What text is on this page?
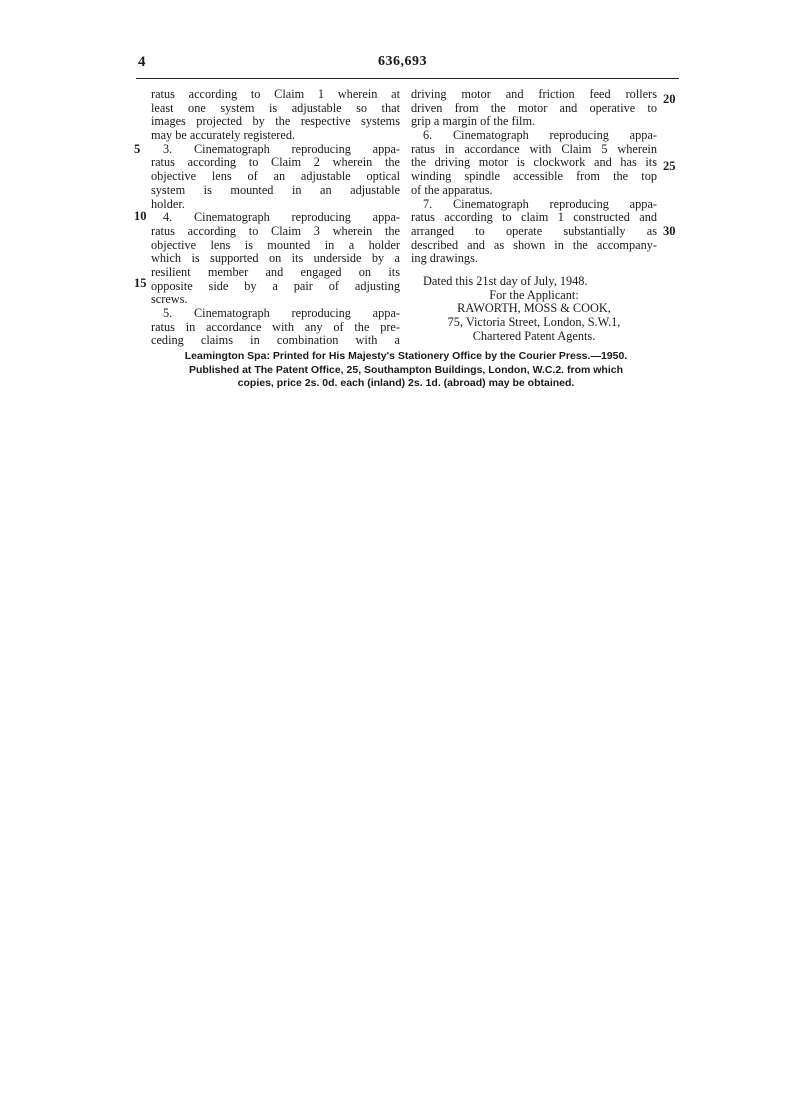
4	636,693
ratus according to Claim 1 wherein at
least one system is adjustable so that
images projected by the respective systems
may be accurately registered.
3. Cinematograph reproducing appa-
ratus according to Claim 2 wherein the
objective lens of an adjustable optical
system is mounted in an adjustable
holder.
4. Cinematograph reproducing appa-
ratus according to Claim 3 wherein the
objective lens is mounted in a holder
which is supported on its underside by a
resilient member and engaged on its
opposite side by a pair of adjusting
screws.
5. Cinematograph reproducing appa-
ratus in accordance with any of the pre-
ceding claims in combination with a
5
10
15
driving motor and friction feed rollers
driven from the motor and operative to
grip a margin of the film.
6. Cinematograph reproducing appa-
ratus in accordance with Claim 5 wherein
the driving motor is clockwork and has its
winding spindle accessible from the top
of the apparatus.
7. Cinematograph reproducing appa-
ratus according to claim 1 constructed and
arranged to operate substantially as
described and as shown in the accompany-
ing drawings.
Dated this 21st day of July, 1948.
For the Applicant:
RAWORTH, MOSS & COOK,
75, Victoria Street, London, S.W.1,
Chartered Patent Agents.
20
25
30
Leamington Spa: Printed for His Majesty's Stationery Office by the Courier Press.—1950.
Published at The Patent Office, 25, Southampton Buildings, London, W.C.2. from which
copies, price 2s. 0d. each (inland) 2s. 1d. (abroad) may be obtained.
